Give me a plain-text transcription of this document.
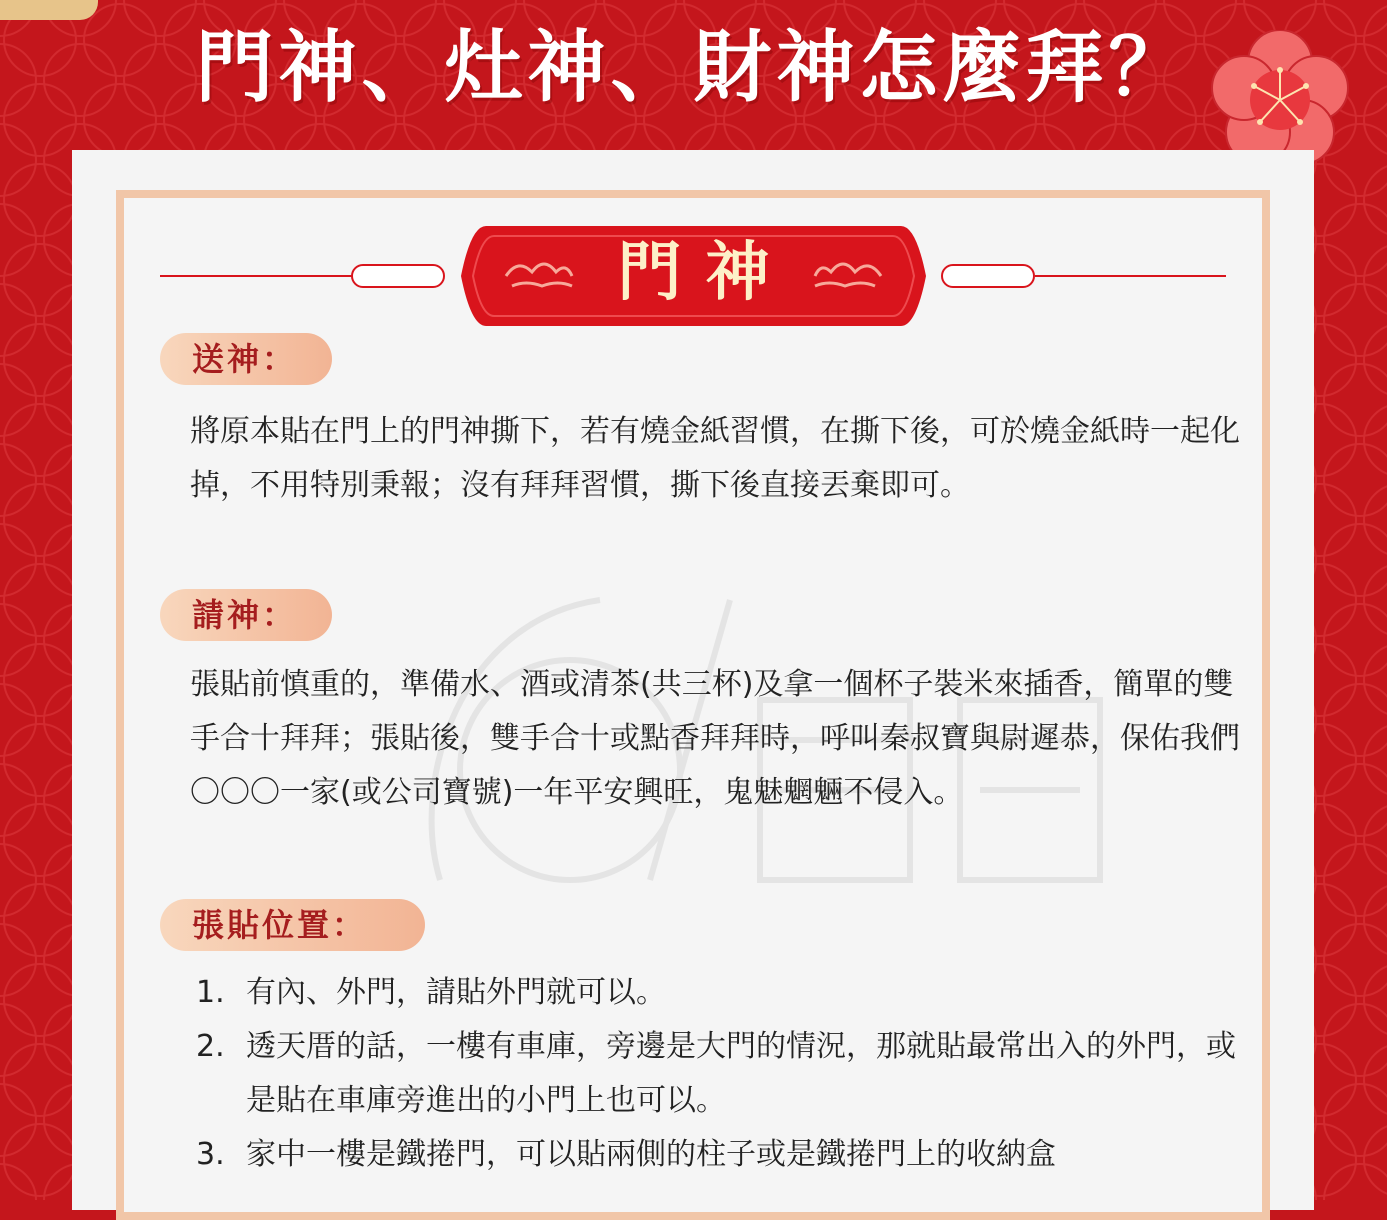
門神、灶神、財神怎麼拜？
門神
送神：

將原本貼在門上的門神撕下，若有燒金紙習慣，在撕下後，可於燒金紙時一起化掉，不用特別秉報；沒有拜拜習慣，撕下後直接丟棄即可。

請神：

張貼前慎重的，準備水、酒或清茶(共三杯)及拿一個杯子裝米來插香，簡單的雙手合十拜拜；張貼後，雙手合十或點香拜拜時，呼叫秦叔寶與尉遲恭，保佑我們〇〇〇一家(或公司寶號)一年平安興旺，鬼魅魍魎不侵入。

張貼位置：
1. 有內、外門，請貼外門就可以。
2. 透天厝的話，一樓有車庫，旁邊是大門的情況，那就貼最常出入的外門，或是貼在車庫旁進出的小門上也可以。
3. 家中一樓是鐵捲門，可以貼兩側的柱子或是鐵捲門上的收納盒
